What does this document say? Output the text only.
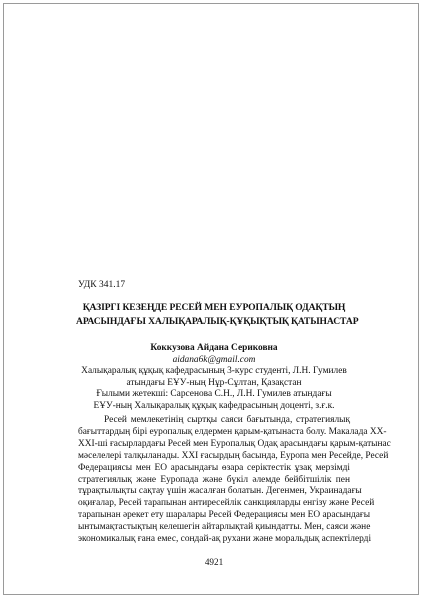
УДК 341.17
ҚАЗІРГІ КЕЗЕҢДЕ РЕСЕЙ МЕН ЕУРОПАЛЫҚ ОДАҚТЫҢ
АРАСЫНДАҒЫ ХАЛЫҚАРАЛЫҚ-ҚҰҚЫҚТЫҚ ҚАТЫНАСТАР
Коккузова Айдана Сериковна
aidana6k@gmail.com
Халықаралық құқық кафедрасының 3-курс студенті, Л.Н. Гумилев
атындағы ЕҰУ-ның Нұр-Сұлтан, Қазақстан
Ғылыми жетекші: Сарсенова С.Н., Л.Н. Гумилев атындағы
ЕҰУ-ның Халықаралық құқық кафедрасының доценті, з.ғ.к.
Ресей мемлекетінің сыртқы саяси бағытында, стратегиялық
бағыттардың бірі еуропалық елдермен қарым-қатынаста болу. Макалада ХХ-
XXI-ші ғасырлардағы Ресей мен Еуропалық Одақ арасындағы қарым-қатынас
мәселелері талқыланады. XXI ғасырдың басында, Еуропа мен Ресейде, Ресей
Федерациясы мен ЕО арасындағы өзара серіктестік ұзақ мерзімді
стратегиялық және Еуропада және бүкіл әлемде бейбітшілік пен
тұрақтылықты сақтау үшін жасалған болатын. Дегенмен, Украинадағы
оқиғалар, Ресей тарапынан антиресейлік санкцияларды енгізу және Ресей
тарапынан әрекет ету шаралары Ресей Федерациясы мен ЕО арасындағы
ынтымақтастықтың келешегін айтарлықтай қиындатты. Мен, саяси және
экономикалық ғана емес, сондай-ақ рухани және моральдық аспектілерді
4921
